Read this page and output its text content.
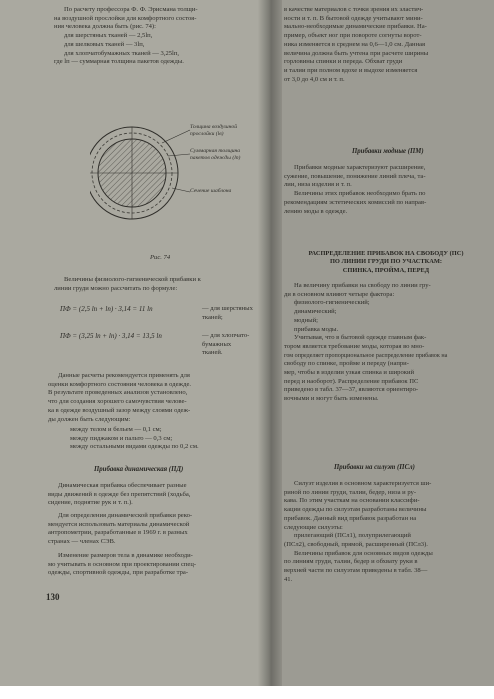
По расчету профессора Ф. Ф. Эрисмана толщи-
на воздушной прослойки для комфортного состоя-
ния человека должна быть (рис. 74):
для шерстяных тканей — 2,5lп,
для шелковых тканей — 3lп,
для хлопчатобумажных тканей — 3,25lп,
где lп — суммарная толщина пакетов одежды.
Толщина воздушной прослойки (lв)
Суммарная толщина пакетов одежды (lп)
Сечение шаблона
Рис. 74
Величины физиолого-гигиенической прибавки к
линии груди можно рассчитать по формуле:
ПФ = (2,5 lп + lп) · 3,14 = 11 lп	— для шерстяных
тканей;
ПФ = (3,25 lп + lп) · 3,14 = 13,5 lп	— для хлопчато-
бумажных
тканей.
Данные расчеты рекомендуется применять для
оценки комфортного состояния человека в одежде.
В результате проведенных анализов установлено,
что для создания хорошего самочувствия челове-
ка в одежде воздушный зазор между слоями одеж-
ды должен быть следующим:
между телом и бельем — 0,1 см;
между пиджаком и пальто — 0,3 см;
между остальными видами одежды по 0,2 см.
Прибавка динамическая (ПД)
Динамическая прибавка обеспечивает разные
виды движений в одежде без препятствий (ходьба,
сидение, поднятие рук и т. п.).
Для определения динамической прибавки реко-
мендуется использовать материалы динамической
антропометрии, разработанные в 1969 г. в разных
странах — членах СЭВ.
Изменение размеров тела в динамике необходи-
мо учитывать в основном при проектировании спец-
одежды, спортивной одежды, при разработке тра-
130
в качестве материалов с точки зрения их эластич-
ности и т. п. В бытовой одежде учитывают мини-
мально-необходимые динамические прибавки. На-
пример, объект ног при повороте согнуты ворот-
ника изменяется в среднем на 0,6—1,0 см. Данная
величина должна быть учтена при расчете ширины
горловины спинки и переда. Обхват груди
и талии при полном вдохе и выдохе изменяется
от 3,0 до 4,0 см и т. п.
Прибавки модные (ПМ)
Прибавки модные характеризуют расширение,
сужение, повышение, понижение линий плеча, та-
лии, низа изделия и т. п.
Величины этих прибавок необходимо брать по
рекомендациям эстетических комиссий по направ-
лению моды в одежде.
РАСПРЕДЕЛЕНИЕ ПРИБАВОК НА СВОБОДУ (ПС)
ПО ЛИНИИ ГРУДИ ПО УЧАСТКАМ:
СПИНКА, ПРОЙМА, ПЕРЕД
На величину прибавки на свободу по линии гру-
ди в основном влияют четыре фактора:
физиолого-гигиенический;
динамический;
модный;
прибавка моды.
Учитывая, что в бытовой одежде главным фак-
тором является требование моды, которая во мно-
гом определяет пропорциональное распределение прибавок на
свободу по спинке, пройме и переду (напри-
мер, чтобы в изделии узкая спинка и широкий
перед и наоборот). Распределение прибавок ПС
приведено в табл. 37—37, являются ориентиро-
вочными и могут быть изменены.
Прибавки на силуэт (ПСл)
Силуэт изделия в основном характеризуется ши-
риной по линии груди, талии, бедер, низа и ру-
кава. По этим участкам на основании классифи-
кации одежды по силуэтам разработаны величины
прибавок. Данный вид прибавок разработан на
следующие силуэты:
прилегающий (ПСл1), полуприлегающий
(ПСл2), свободный, прямой, расширенный (ПСл3).
Величины прибавок для основных видов одежды
по линиям груди, талии, бедер и обхвату руки в
верхней части по силуэтам приведены в табл. 38—
41.
